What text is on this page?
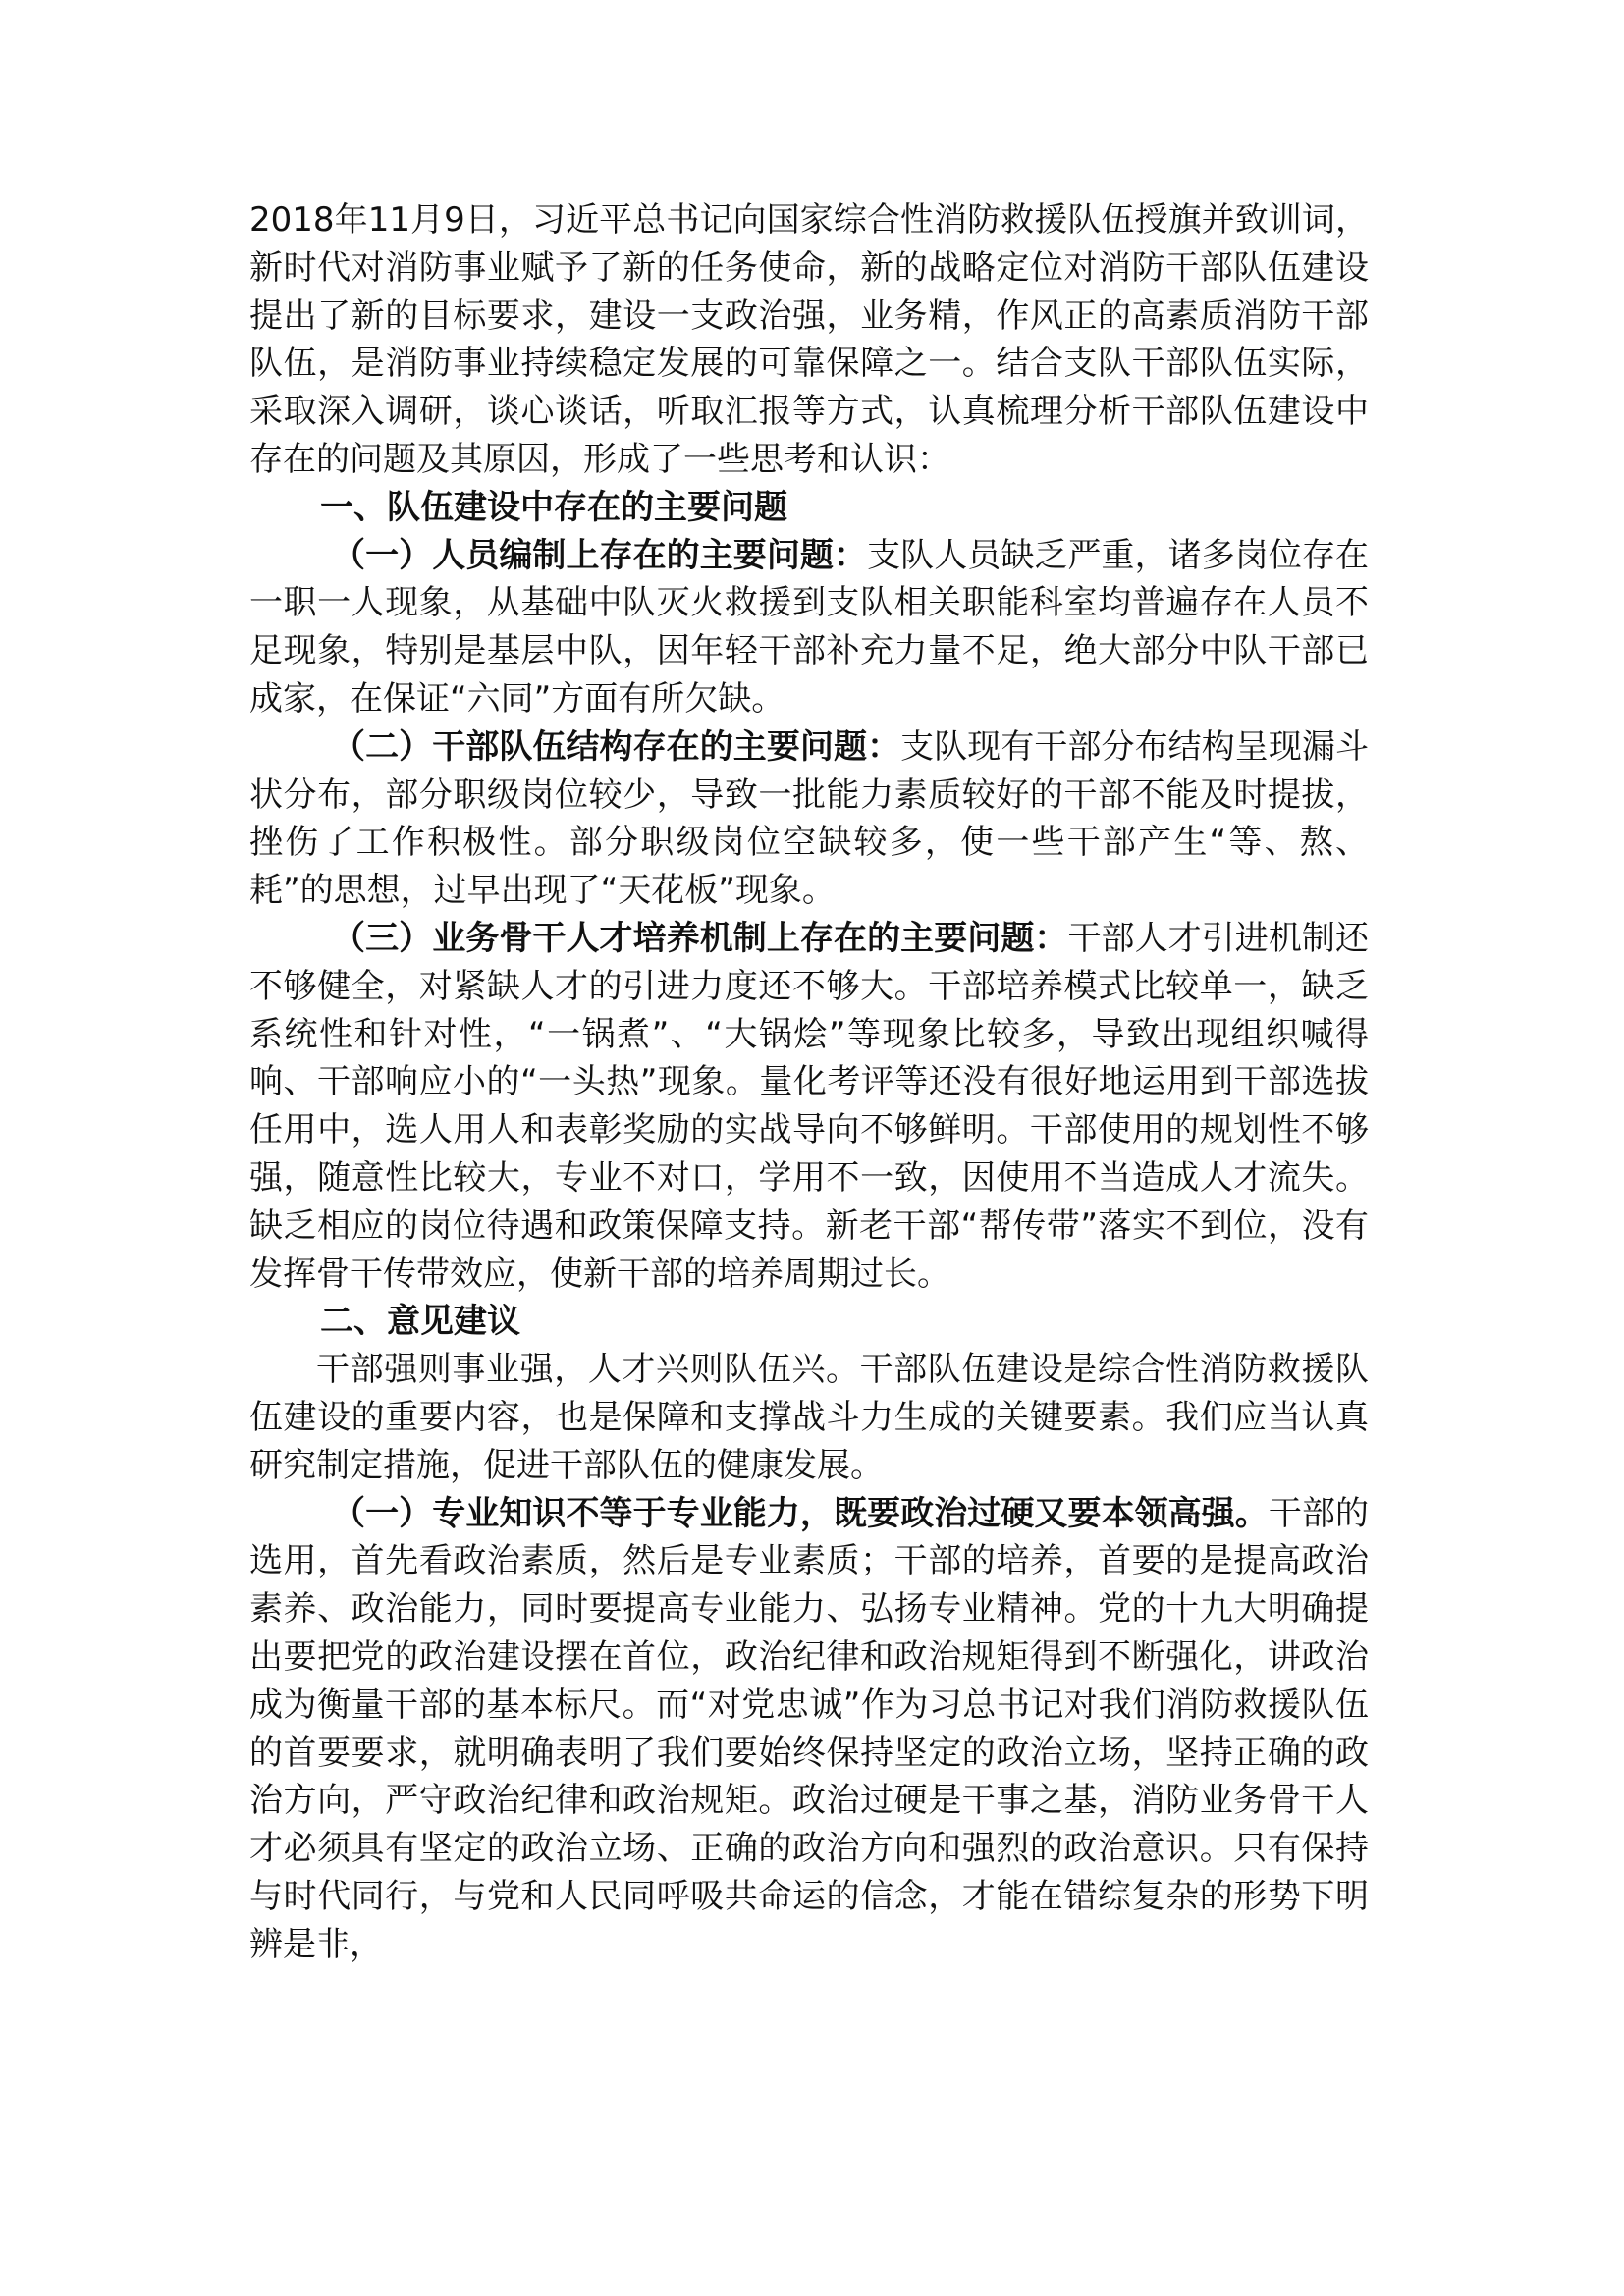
2018年11月9日，习近平总书记向国家综合性消防救援队伍授旗并致训词，新时代对消防事业赋予了新的任务使命，新的战略定位对消防干部队伍建设提出了新的目标要求，建设一支政治强，业务精，作风正的高素质消防干部队伍，是消防事业持续稳定发展的可靠保障之一。结合支队干部队伍实际，采取深入调研，谈心谈话，听取汇报等方式，认真梳理分析干部队伍建设中存在的问题及其原因，形成了一些思考和认识：

一、队伍建设中存在的主要问题

（一）人员编制上存在的主要问题：支队人员缺乏严重，诸多岗位存在一职一人现象，从基础中队灭火救援到支队相关职能科室均普遍存在人员不足现象，特别是基层中队，因年轻干部补充力量不足，绝大部分中队干部已成家，在保证“六同”方面有所欠缺。

（二）干部队伍结构存在的主要问题：支队现有干部分布结构呈现漏斗状分布，部分职级岗位较少，导致一批能力素质较好的干部不能及时提拔，挫伤了工作积极性。部分职级岗位空缺较多，使一些干部产生“等、熬、耗”的思想，过早出现了“天花板”现象。

（三）业务骨干人才培养机制上存在的主要问题：干部人才引进机制还不够健全，对紧缺人才的引进力度还不够大。干部培养模式比较单一，缺乏系统性和针对性，“一锅煮”、“大锅烩”等现象比较多，导致出现组织喊得响、干部响应小的“一头热”现象。量化考评等还没有很好地运用到干部选拔任用中，选人用人和表彰奖励的实战导向不够鲜明。干部使用的规划性不够强，随意性比较大，专业不对口，学用不一致，因使用不当造成人才流失。缺乏相应的岗位待遇和政策保障支持。新老干部“帮传带”落实不到位，没有发挥骨干传带效应，使新干部的培养周期过长。

二、意见建议

干部强则事业强，人才兴则队伍兴。干部队伍建设是综合性消防救援队伍建设的重要内容，也是保障和支撑战斗力生成的关键要素。我们应当认真研究制定措施，促进干部队伍的健康发展。

（一）专业知识不等于专业能力，既要政治过硬又要本领高强。干部的选用，首先看政治素质，然后是专业素质；干部的培养，首要的是提高政治素养、政治能力，同时要提高专业能力、弘扬专业精神。党的十九大明确提出要把党的政治建设摆在首位，政治纪律和政治规矩得到不断强化，讲政治成为衡量干部的基本标尺。而“对党忠诚”作为习总书记对我们消防救援队伍的首要要求，就明确表明了我们要始终保持坚定的政治立场，坚持正确的政治方向，严守政治纪律和政治规矩。政治过硬是干事之基，消防业务骨干人才必须具有坚定的政治立场、正确的政治方向和强烈的政治意识。只有保持与时代同行，与党和人民同呼吸共命运的信念，才能在错综复杂的形势下明辨是非，
